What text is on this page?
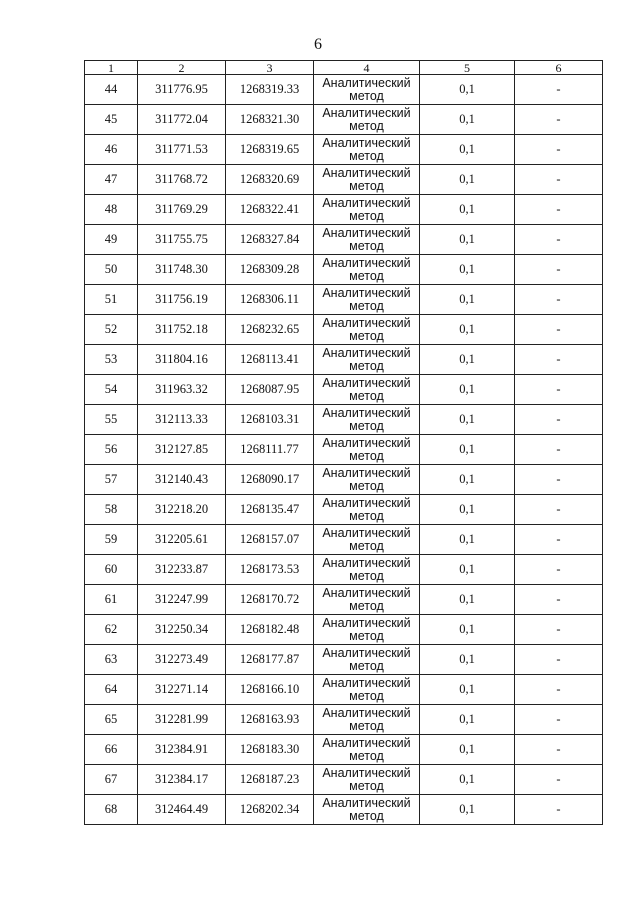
6
1	2	3	4	5	6
44	311776.95	1268319.33	Аналитический
метод	0,1	-
45	311772.04	1268321.30	Аналитический
метод	0,1	-
46	311771.53	1268319.65	Аналитический
метод	0,1	-
47	311768.72	1268320.69	Аналитический
метод	0,1	-
48	311769.29	1268322.41	Аналитический
метод	0,1	-
49	311755.75	1268327.84	Аналитический
метод	0,1	-
50	311748.30	1268309.28	Аналитический
метод	0,1	-
51	311756.19	1268306.11	Аналитический
метод	0,1	-
52	311752.18	1268232.65	Аналитический
метод	0,1	-
53	311804.16	1268113.41	Аналитический
метод	0,1	-
54	311963.32	1268087.95	Аналитический
метод	0,1	-
55	312113.33	1268103.31	Аналитический
метод	0,1	-
56	312127.85	1268111.77	Аналитический
метод	0,1	-
57	312140.43	1268090.17	Аналитический
метод	0,1	-
58	312218.20	1268135.47	Аналитический
метод	0,1	-
59	312205.61	1268157.07	Аналитический
метод	0,1	-
60	312233.87	1268173.53	Аналитический
метод	0,1	-
61	312247.99	1268170.72	Аналитический
метод	0,1	-
62	312250.34	1268182.48	Аналитический
метод	0,1	-
63	312273.49	1268177.87	Аналитический
метод	0,1	-
64	312271.14	1268166.10	Аналитический
метод	0,1	-
65	312281.99	1268163.93	Аналитический
метод	0,1	-
66	312384.91	1268183.30	Аналитический
метод	0,1	-
67	312384.17	1268187.23	Аналитический
метод	0,1	-
68	312464.49	1268202.34	Аналитический
метод	0,1	-
